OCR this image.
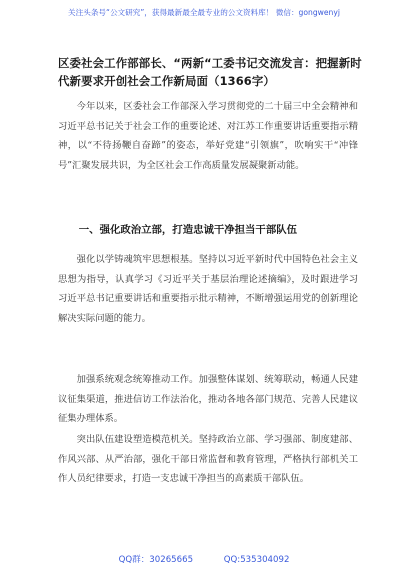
关注头条号“公文研究”，获得最新最全最专业的公文资料库！ 微信：gongwenyj
区委社会工作部部长、“两新“工委书记交流发言：把握新时代新要求开创社会工作新局面（1366字）

今年以来，区委社会工作部深入学习贯彻党的二十届三中全会精神和习近平总书记关于社会工作的重要论述、对江苏工作重要讲话重要指示精神，以“不待扬鞭自奋蹄”的姿态，举好党建“引领旗”，吹响实干“冲锋号”汇聚发展共识，为全区社会工作高质量发展凝聚新动能。

一、强化政治立部，打造忠诚干净担当干部队伍

强化以学铸魂筑牢思想根基。坚持以习近平新时代中国特色社会主义思想为指导，认真学习《习近平关于基层治理论述摘编》，及时跟进学习习近平总书记重要讲话和重要指示批示精神，不断增强运用党的创新理论解决实际问题的能力。

加强系统观念统筹推动工作。加强整体谋划、统筹联动，畅通人民建议征集渠道，推进信访工作法治化，推动各地各部门规范、完善人民建议征集办理体系。

突出队伍建设塑造模范机关。坚持政治立部、学习强部、制度建部、作风兴部、从严治部，强化干部日常监督和教育管理，严格执行部机关工作人员纪律要求，打造一支忠诚干净担当的高素质干部队伍。

QQ群：30265665	QQ:535304092
